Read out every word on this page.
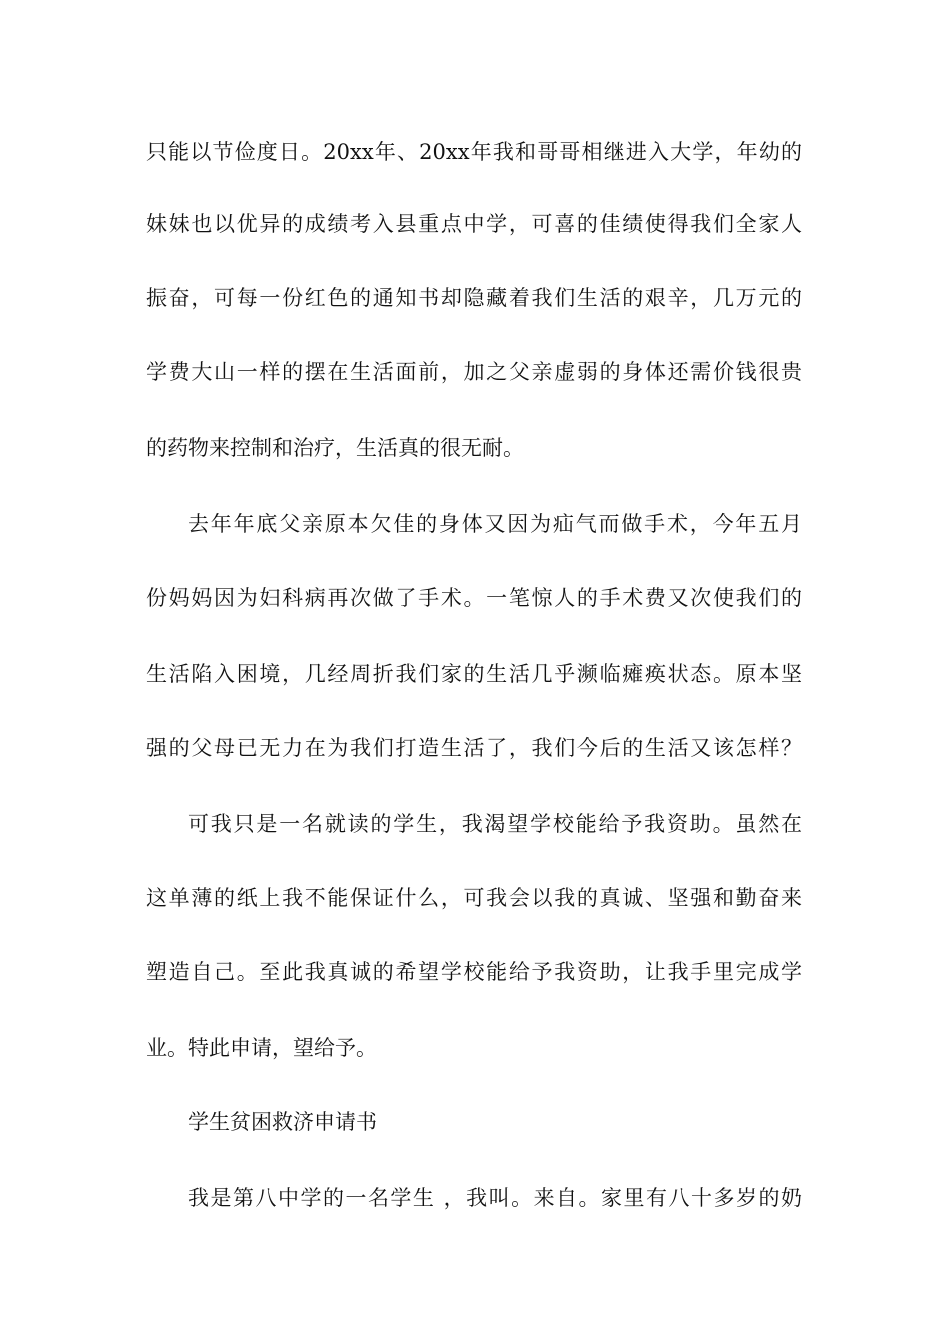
只能以节俭度日。20xx年、20xx年我和哥哥相继进入大学，年幼的
妹妹也以优异的成绩考入县重点中学，可喜的佳绩使得我们全家人
振奋，可每一份红色的通知书却隐藏着我们生活的艰辛，几万元的
学费大山一样的摆在生活面前，加之父亲虚弱的身体还需价钱很贵
的药物来控制和治疗，生活真的很无耐。
去年年底父亲原本欠佳的身体又因为疝气而做手术，今年五月
份妈妈因为妇科病再次做了手术。一笔惊人的手术费又次使我们的
生活陷入困境，几经周折我们家的生活几乎濒临瘫痪状态。原本坚
强的父母已无力在为我们打造生活了，我们今后的生活又该怎样？
可我只是一名就读的学生，我渴望学校能给予我资助。虽然在
这单薄的纸上我不能保证什么，可我会以我的真诚、坚强和勤奋来
塑造自己。至此我真诚的希望学校能给予我资助，让我手里完成学
业。特此申请，望给予。
学生贫困救济申请书
我是第八中学的一名学生 ，我叫。来自。家里有八十多岁的奶
